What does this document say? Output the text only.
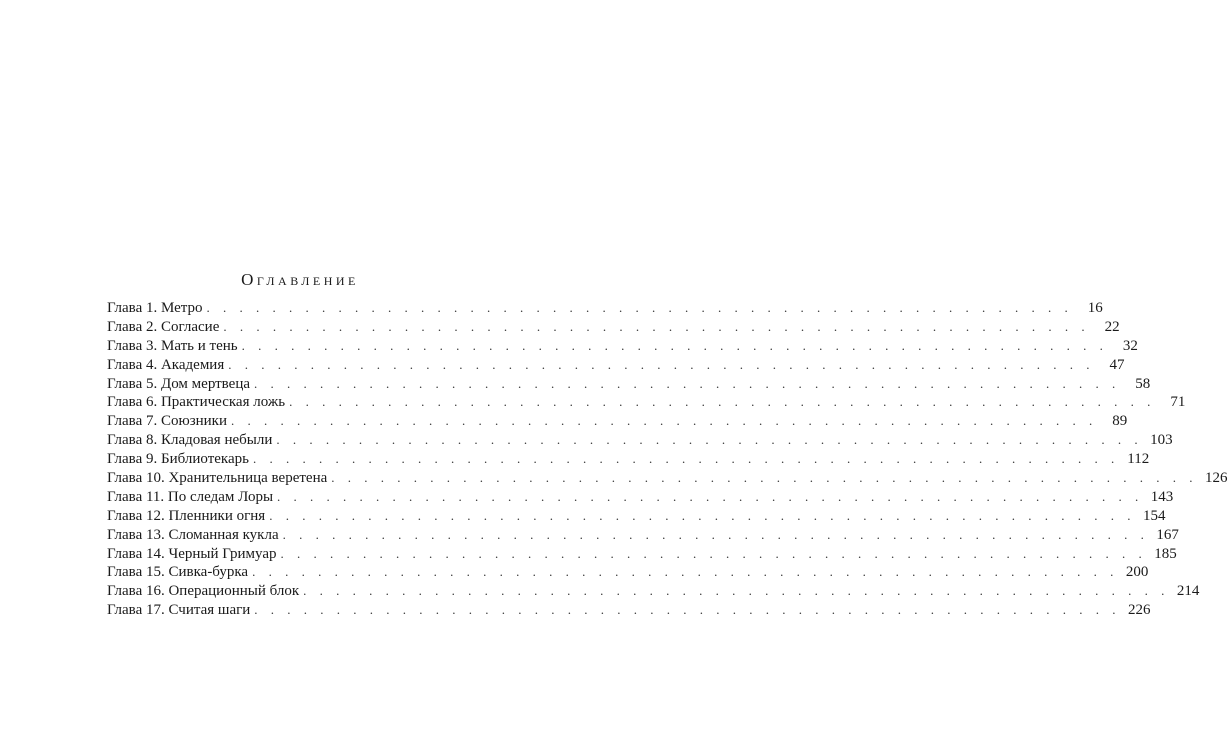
Оглавление
Глава 1. Метро . . . . . . . . . . . . . . . . . . . . . . . . . . . . . . . . . . . . . . . . . . . . . . . . . . . . .	16
Глава 2. Согласие . . . . . . . . . . . . . . . . . . . . . . . . . . . . . . . . . . . . . . . . . . . . . . . . . . . . .	22
Глава 3. Мать и тень . . . . . . . . . . . . . . . . . . . . . . . . . . . . . . . . . . . . . . . . . . . . . . . . . . . . .	32
Глава 4. Академия . . . . . . . . . . . . . . . . . . . . . . . . . . . . . . . . . . . . . . . . . . . . . . . . . . . . .	47
Глава 5. Дом мертвеца . . . . . . . . . . . . . . . . . . . . . . . . . . . . . . . . . . . . . . . . . . . . . . . . . . . . .	58
Глава 6. Практическая ложь . . . . . . . . . . . . . . . . . . . . . . . . . . . . . . . . . . . . . . . . . . . . . . . . . . . . .	71
Глава 7. Союзники . . . . . . . . . . . . . . . . . . . . . . . . . . . . . . . . . . . . . . . . . . . . . . . . . . . . .	89
Глава 8. Кладовая небыли . . . . . . . . . . . . . . . . . . . . . . . . . . . . . . . . . . . . . . . . . . . . . . . . . . . . . 103
Глава 9. Библиотекарь . . . . . . . . . . . . . . . . . . . . . . . . . . . . . . . . . . . . . . . . . . . . . . . . . . . . . 112
Глава 10. Хранительница веретена . . . . . . . . . . . . . . . . . . . . . . . . . . . . . . . . . . . . . . . . . . . . . . . . . . . . . 126
Глава 11. По следам Лоры . . . . . . . . . . . . . . . . . . . . . . . . . . . . . . . . . . . . . . . . . . . . . . . . . . . . . 143
Глава 12. Пленники огня . . . . . . . . . . . . . . . . . . . . . . . . . . . . . . . . . . . . . . . . . . . . . . . . . . . . . 154
Глава 13. Сломанная кукла . . . . . . . . . . . . . . . . . . . . . . . . . . . . . . . . . . . . . . . . . . . . . . . . . . . . . 167
Глава 14. Черный Гримуар . . . . . . . . . . . . . . . . . . . . . . . . . . . . . . . . . . . . . . . . . . . . . . . . . . . . . 185
Глава 15. Сивка-бурка . . . . . . . . . . . . . . . . . . . . . . . . . . . . . . . . . . . . . . . . . . . . . . . . . . . . . 200
Глава 16. Операционный блок . . . . . . . . . . . . . . . . . . . . . . . . . . . . . . . . . . . . . . . . . . . . . . . . . . . . . 214
Глава 17. Считая шаги . . . . . . . . . . . . . . . . . . . . . . . . . . . . . . . . . . . . . . . . . . . . . . . . . . . . . 226
